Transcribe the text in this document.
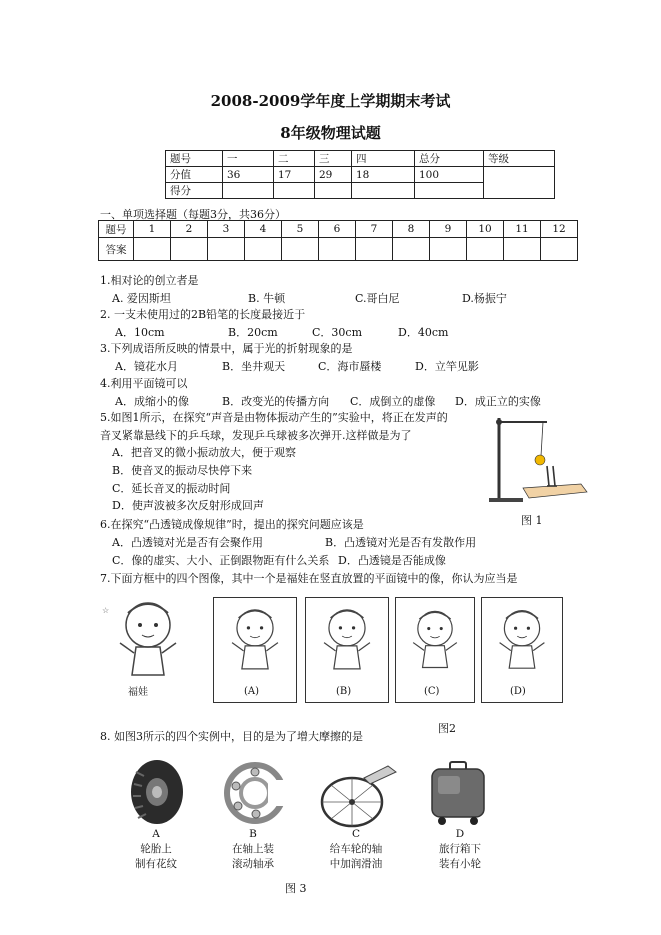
2008-2009学年度上学期期末考试
8年级物理试题
题号	一	二	三	四	总分	等级
分值	36	17	29	18	100	
得分						
一、单项选择题（每题3分，共36分）
题号	1	2	3	4	5	6	7	8	9	10	11	12
答案												
1.相对论的创立者是
A. 爱因斯坦	B. 牛顿	C.哥白尼	D.杨振宁
2. 一支未使用过的2B铅笔的长度最接近于
A．10cm	B．20cm	C．30cm	D．40cm
3.下列成语所反映的情景中，属于光的折射现象的是
A．镜花水月	B．坐井观天	C．海市蜃楼	D．立竿见影
4.利用平面镜可以
A．成缩小的像	B．改变光的传播方向 C．成倒立的虚像 D．成正立的实像
5.如图1所示，在探究“声音是由物体振动产生的”实验中，将正在发声的
音叉紧靠悬线下的乒乓球，发现乒乓球被多次弹开.这样做是为了
A．把音叉的微小振动放大，便于观察
B．使音叉的振动尽快停下来
C．延长音叉的振动时间
D．使声波被多次反射形成回声
图 1
6.在探究“凸透镜成像规律”时，提出的探究问题应该是
A．凸透镜对光是否有会聚作用	B．凸透镜对光是否有发散作用
C．像的虚实、大小、正倒跟物距有什么关系 D．凸透镜是否能成像
7.下面方框中的四个图像，其中一个是福娃在竖直放置的平面镜中的像，你认为应当是
☆
福娃	(A)	(B)	(C)	(D)
图2
8. 如图3所示的四个实例中，目的是为了增大摩擦的是
A
轮胎上
制有花纹
B
在轴上装
滚动轴承
C
给车轮的轴
中加润滑油
D
旅行箱下
装有小轮
图 3
